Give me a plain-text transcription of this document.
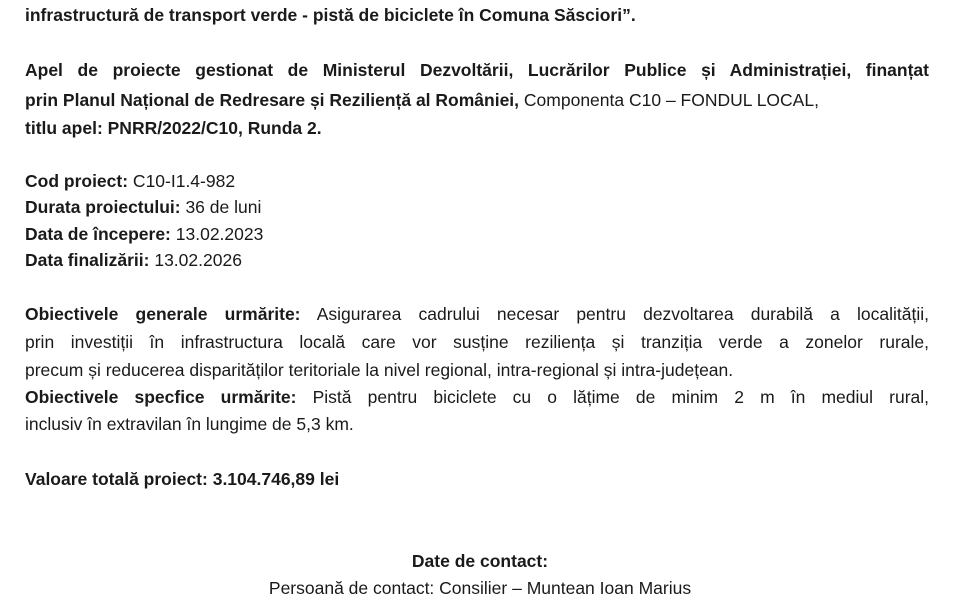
infrastructură de transport verde - pistă de biciclete în Comuna Săsciori”.
Apel de proiecte gestionat de Ministerul Dezvoltării, Lucrărilor Publice și Administrației, finanțat
prin Planul Național de Redresare și Reziliență al României, Componenta C10 – FONDUL LOCAL,
titlu apel: PNRR/2022/C10, Runda 2.
Cod proiect: C10-I1.4-982
Durata proiectului: 36 de luni
Data de începere: 13.02.2023
Data finalizării: 13.02.2026
Obiectivele generale urmărite: Asigurarea cadrului necesar pentru dezvoltarea durabilă a localității,
prin investiții în infrastructura locală care vor susține reziliența și tranziția verde a zonelor rurale,
precum și reducerea disparităților teritoriale la nivel regional, intra-regional și intra-județean.
Obiectivele specfice urmărite: Pistă pentru biciclete cu o lățime de minim 2 m în mediul rural,
inclusiv în extravilan în lungime de 5,3 km.
Valoare totală proiect: 3.104.746,89 lei
Date de contact:
Persoană de contact: Consilier – Muntean Ioan Marius
